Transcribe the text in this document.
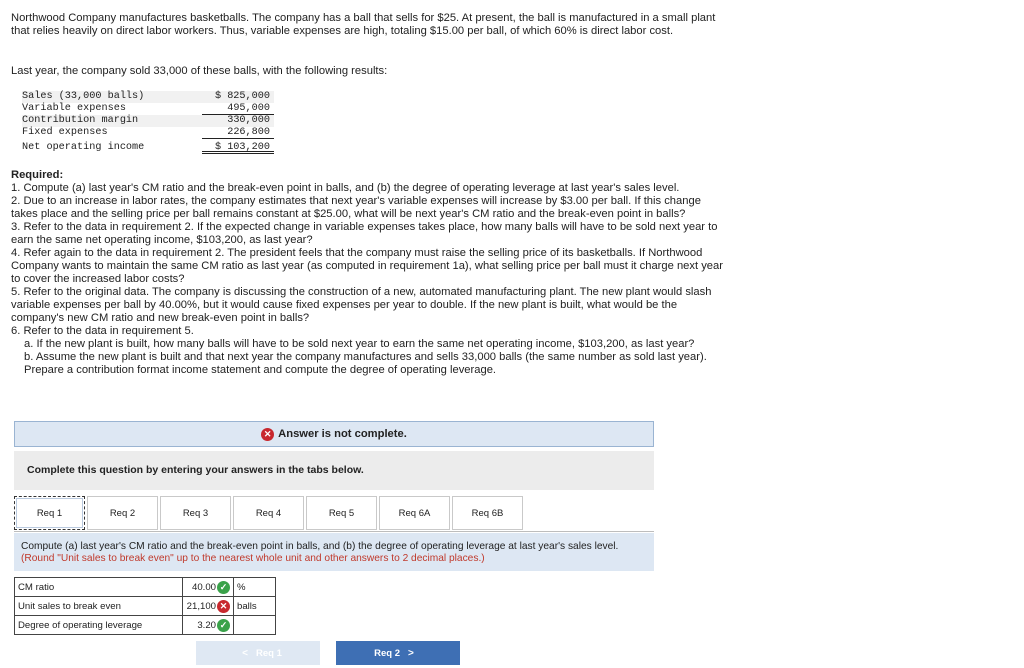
Northwood Company manufactures basketballs. The company has a ball that sells for $25. At present, the ball is manufactured in a small plant that relies heavily on direct labor workers. Thus, variable expenses are high, totaling $15.00 per ball, of which 60% is direct labor cost.

Last year, the company sold 33,000 of these balls, with the following results:
Sales (33,000 balls)	$ 825,000
Variable expenses	495,000
Contribution margin	330,000
Fixed expenses	226,800
Net operating income	$ 103,200
Required:
1. Compute (a) last year's CM ratio and the break-even point in balls, and (b) the degree of operating leverage at last year's sales level.
2. Due to an increase in labor rates, the company estimates that next year's variable expenses will increase by $3.00 per ball. If this change takes place and the selling price per ball remains constant at $25.00, what will be next year's CM ratio and the break-even point in balls?
3. Refer to the data in requirement 2. If the expected change in variable expenses takes place, how many balls will have to be sold next year to earn the same net operating income, $103,200, as last year?
4. Refer again to the data in requirement 2. The president feels that the company must raise the selling price of its basketballs. If Northwood Company wants to maintain the same CM ratio as last year (as computed in requirement 1a), what selling price per ball must it charge next year to cover the increased labor costs?
5. Refer to the original data. The company is discussing the construction of a new, automated manufacturing plant. The new plant would slash variable expenses per ball by 40.00%, but it would cause fixed expenses per year to double. If the new plant is built, what would be the company's new CM ratio and new break-even point in balls?
6. Refer to the data in requirement 5.
a. If the new plant is built, how many balls will have to be sold next year to earn the same net operating income, $103,200, as last year?
b. Assume the new plant is built and that next year the company manufactures and sells 33,000 balls (the same number as sold last year). Prepare a contribution format income statement and compute the degree of operating leverage.
✕ Answer is not complete.
Complete this question by entering your answers in the tabs below.
Req 1	Req 2	Req 3	Req 4	Req 5	Req 6A	Req 6B
Compute (a) last year's CM ratio and the break-even point in balls, and (b) the degree of operating leverage at last year's sales level. (Round "Unit sales to break even" up to the nearest whole unit and other answers to 2 decimal places.)
CM ratio	40.00 ✓	%
Unit sales to break even	21,100 ✕	balls
Degree of operating leverage	3.20 ✓	

< Req 1	Req 2 >
